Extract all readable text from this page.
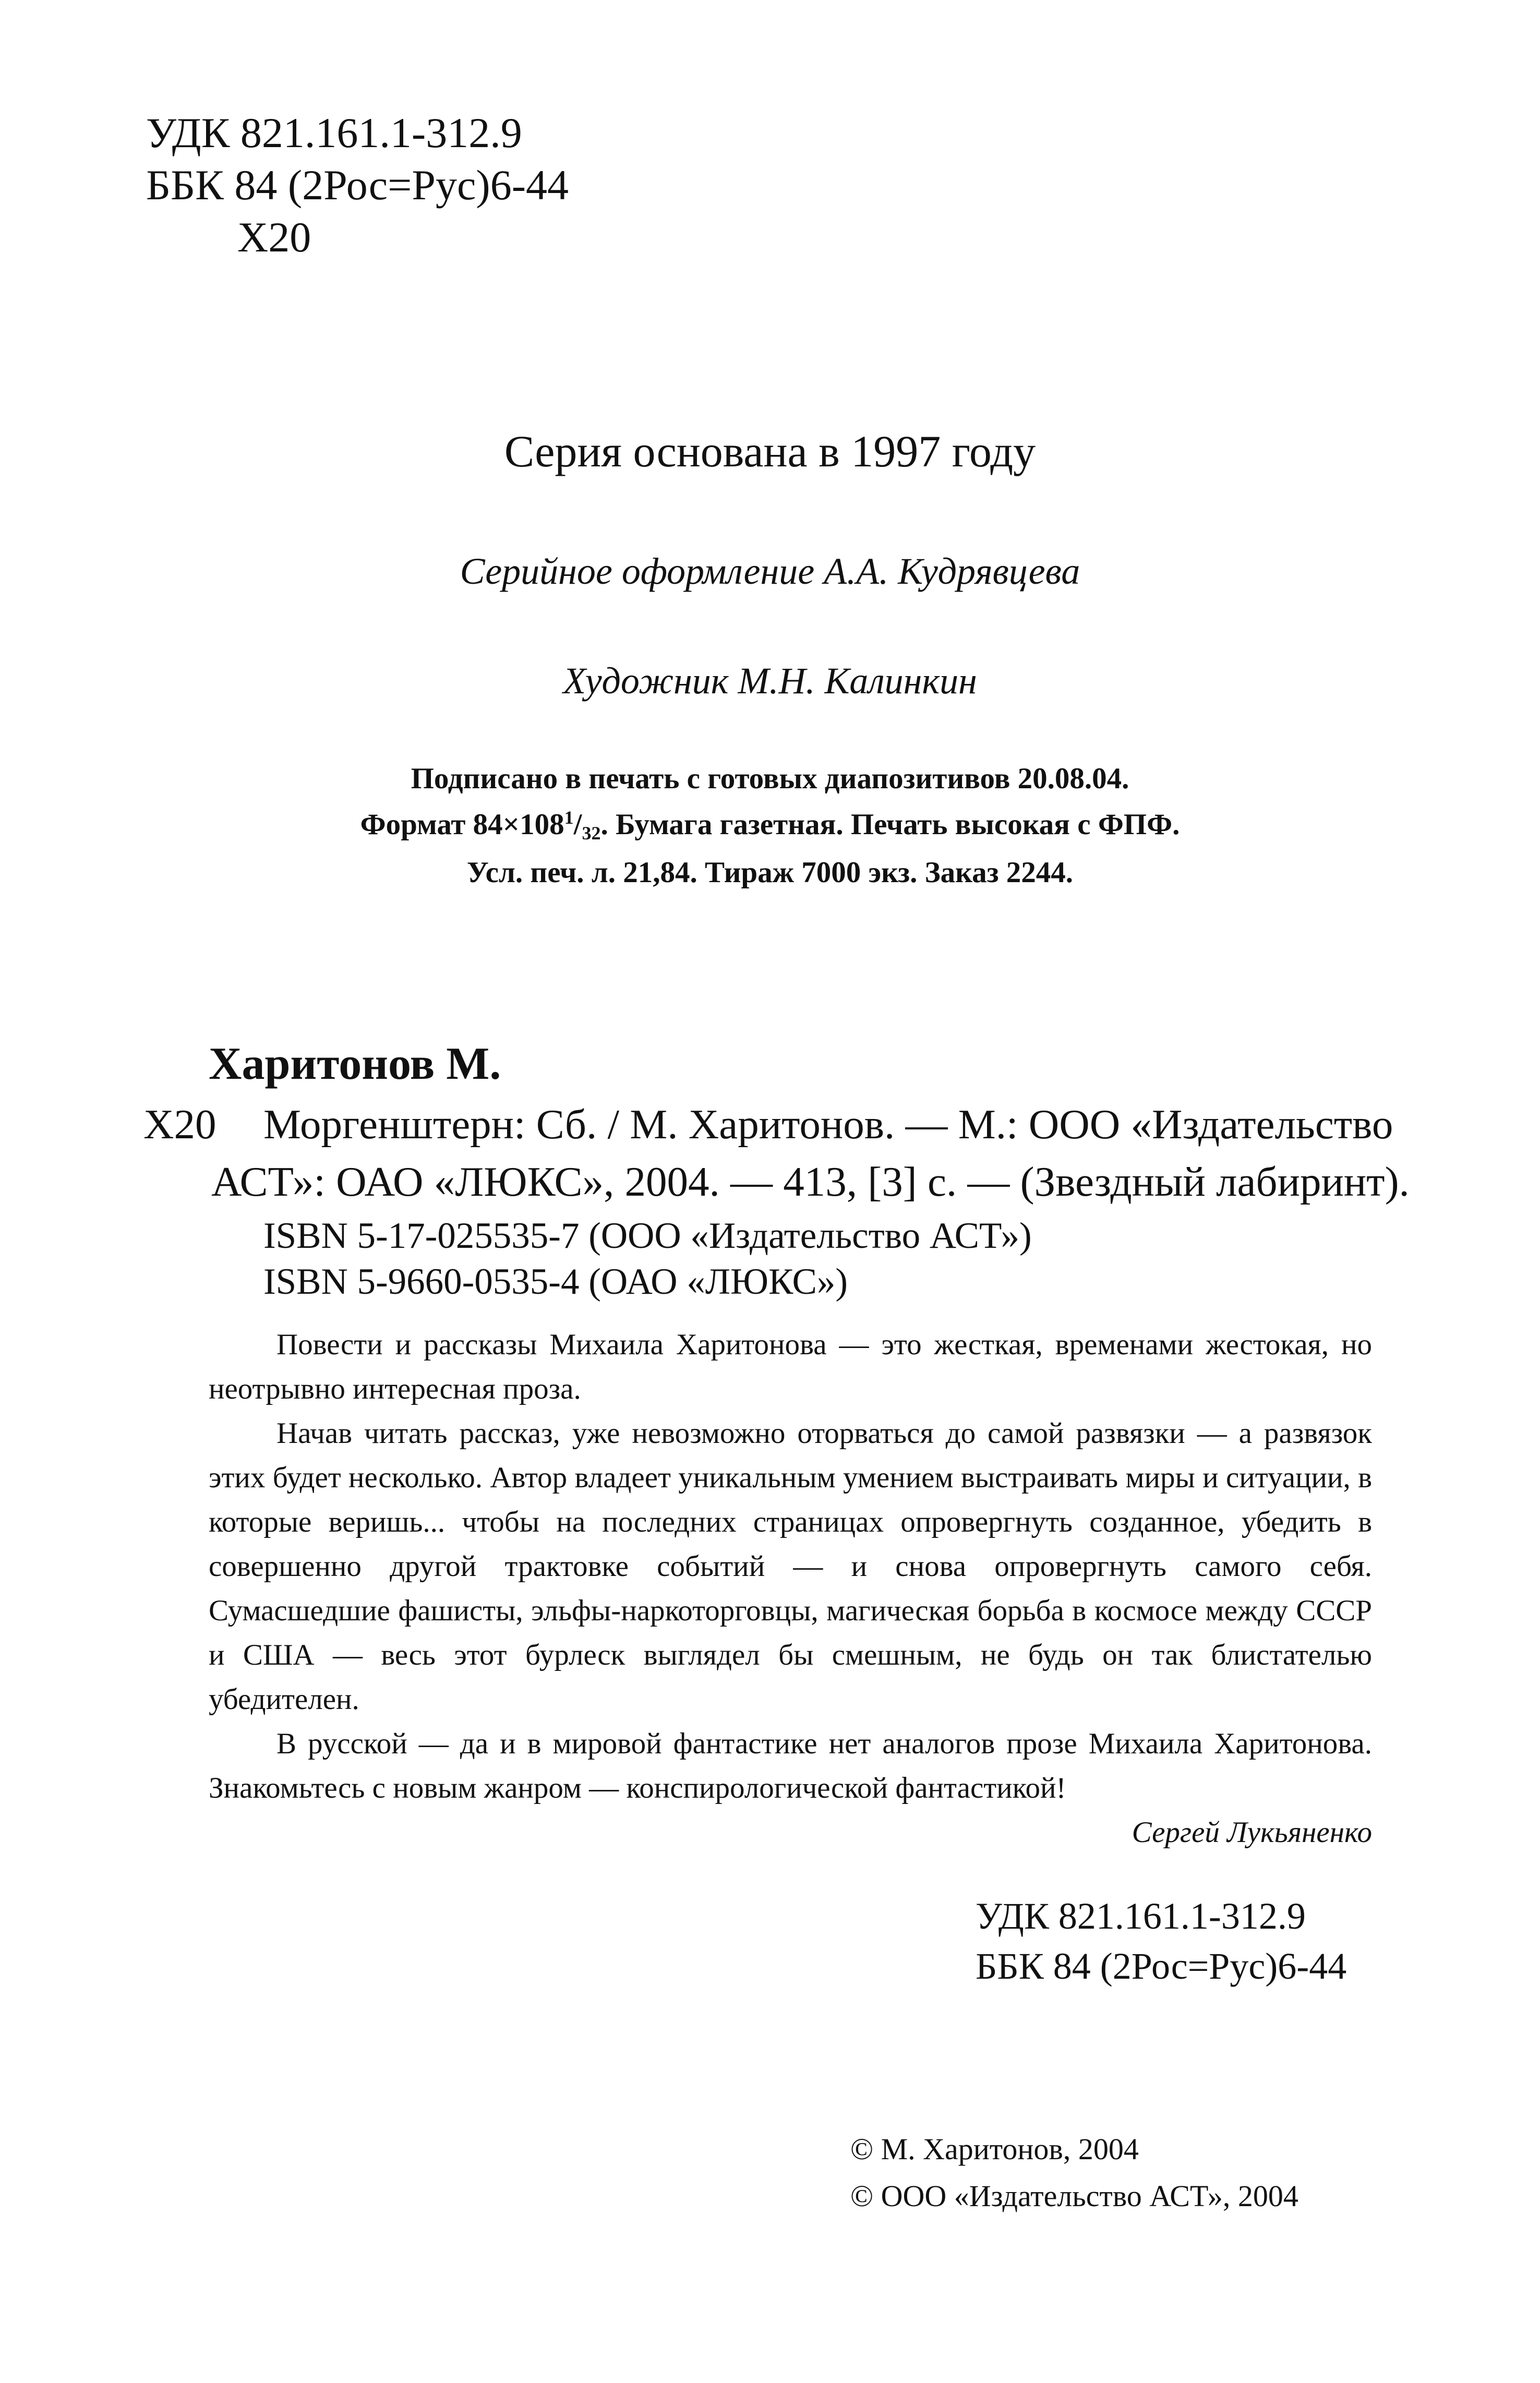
УДК 821.161.1-312.9
ББК 84 (2Рос=Рус)6-44
Х20
Серия основана в 1997 году
Серийное оформление А.А. Кудрявцева
Художник М.Н. Калинкин
Подписано в печать с готовых диапозитивов 20.08.04.
Формат $84\times 108^1/_{32}$. Бумага газетная. Печать высокая с ФПФ.
Усл. печ. л. 21,84. Тираж 7000 экз. Заказ 2244.
Харитонов М.
Х20 Моргенштерн: Сб. / М. Харитонов. — М.: ООО «Издательство
АСТ»: ОАО «ЛЮКС», 2004. — 413, [3] с. — (Звездный лабиринт).
ISBN 5-17-025535-7 (ООО «Издательство АСТ»)
ISBN 5-9660-0535-4 (ОАО «ЛЮКС»)

Повести и рассказы Михаила Харитонова — это жесткая, временами жестокая, но неотрывно интересная проза.

Начав читать рассказ, уже невозможно оторваться до самой развязки — а развязок этих будет несколько. Автор владеет уникальным умением выстраивать миры и ситуации, в которые веришь... чтобы на последних страницах опровергнуть созданное, убедить в совершенно другой трактовке событий — и снова опровергнуть самого себя. Сумасшедшие фашисты, эльфы-наркоторговцы, магическая борьба в космосе между СССР и США — весь этот бурлеск выглядел бы смешным, не будь он так блистателью убедителен.

В русской — да и в мировой фантастике нет аналогов прозе Михаила Харитонова. Знакомьтесь с новым жанром — конспирологической фантастикой!

Сергей Лукьяненко

УДК 821.161.1-312.9
ББК 84 (2Рос=Рус)6-44
© М. Харитонов, 2004
© ООО «Издательство АСТ», 2004
